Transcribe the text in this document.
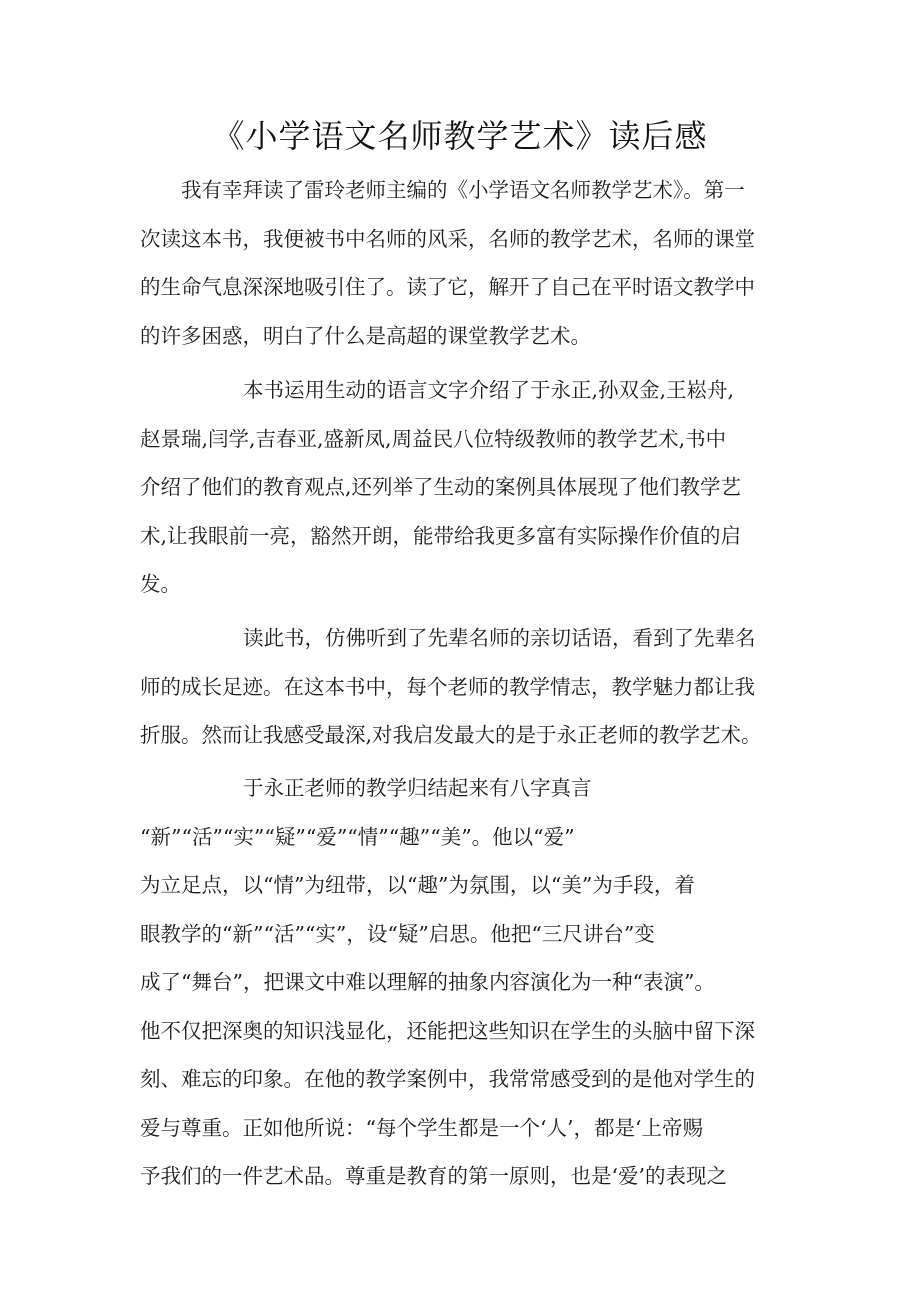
《小学语文名师教学艺术》读后感
我有幸拜读了雷玲老师主编的《小学语文名师教学艺术》。第一
次读这本书，我便被书中名师的风采，名师的教学艺术，名师的课堂
的生命气息深深地吸引住了。读了它，解开了自己在平时语文教学中
的许多困惑，明白了什么是高超的课堂教学艺术。
本书运用生动的语言文字介绍了于永正,孙双金,王崧舟,
赵景瑞,闫学,吉春亚,盛新凤,周益民八位特级教师的教学艺术,书中
介绍了他们的教育观点,还列举了生动的案例具体展现了他们教学艺
术,让我眼前一亮，豁然开朗，能带给我更多富有实际操作价值的启
发。
读此书，仿佛听到了先辈名师的亲切话语，看到了先辈名
师的成长足迹。在这本书中，每个老师的教学情志，教学魅力都让我
折服。然而让我感受最深,对我启发最大的是于永正老师的教学艺术。
于永正老师的教学归结起来有八字真言
“新”“活”“实”“疑”“爱”“情”“趣”“美”。他以“爱”
为立足点，以“情”为纽带，以“趣”为氛围，以“美”为手段，着
眼教学的“新”“活”“实”，设“疑”启思。他把“三尺讲台”变
成了“舞台”，把课文中难以理解的抽象内容演化为一种“表演”。
他不仅把深奥的知识浅显化，还能把这些知识在学生的头脑中留下深
刻、难忘的印象。在他的教学案例中，我常常感受到的是他对学生的
爱与尊重。正如他所说：“每个学生都是一个‘人’，都是‘上帝赐
予我们的一件艺术品。尊重是教育的第一原则，也是‘爱’的表现之
